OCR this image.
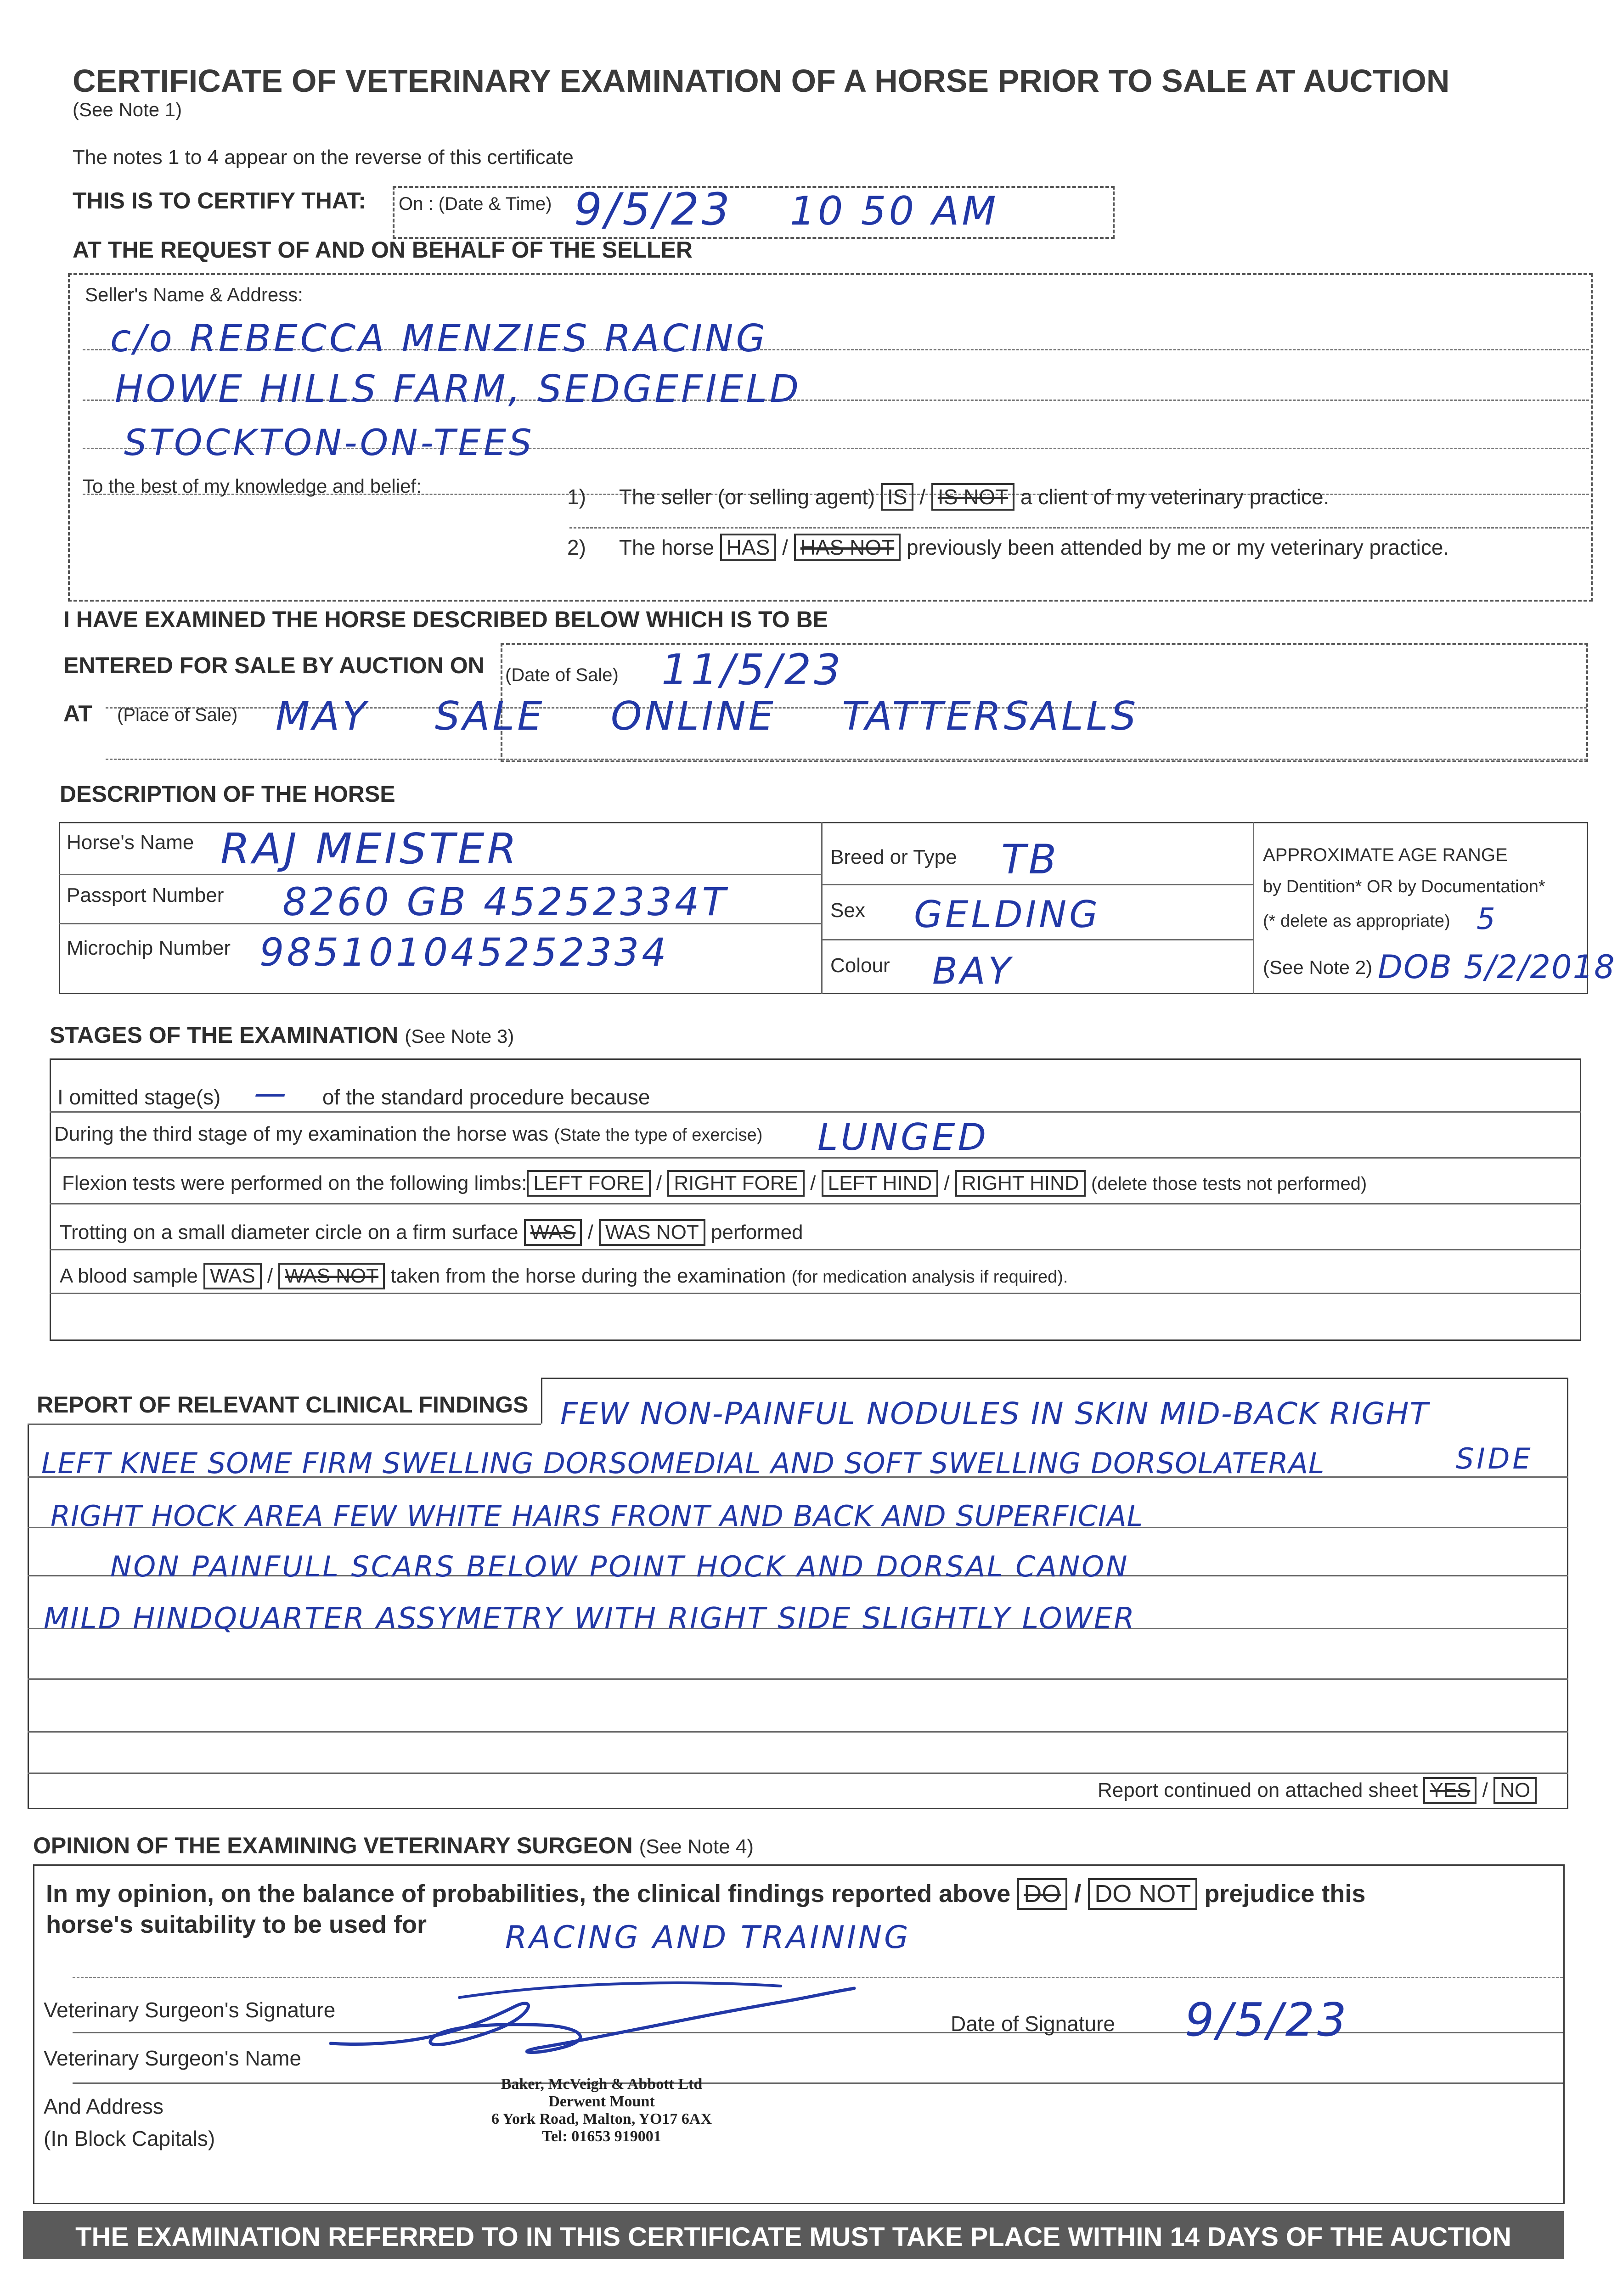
CERTIFICATE OF VETERINARY EXAMINATION OF A HORSE PRIOR TO SALE AT AUCTION
(See Note 1)
The notes 1 to 4 appear on the reverse of this certificate
THIS IS TO CERTIFY THAT: On : (Date & Time) 9/5/23 10 50 AM
AT THE REQUEST OF AND ON BEHALF OF THE SELLER
Seller's Name & Address:
c/o REBECCA MENZIES RACING
HOWE HILLS FARM, SEDGEFIELD
STOCKTON-ON-TEES
To the best of my knowledge and belief:	1) The seller (or selling agent) IS / IS NOT a client of my veterinary practice.
2) The horse HAS / HAS NOT previously been attended by me or my veterinary practice.
I HAVE EXAMINED THE HORSE DESCRIBED BELOW WHICH IS TO BE
ENTERED FOR SALE BY AUCTION ON (Date of Sale) 11/5/23
AT (Place of Sale) MAY SALE ONLINE TATTERSALLS
DESCRIPTION OF THE HORSE
Horse's Name RAJ MEISTER
Passport Number 8260 GB 45252334T
Microchip Number 985101045252334
Breed or Type TB
Sex GELDING
Colour BAY
APPROXIMATE AGE RANGE
by Dentition* OR by Documentation*
(* delete as appropriate) 5
(See Note 2) DOB 5/2/2018
STAGES OF THE EXAMINATION (See Note 3)
I omitted stage(s) — of the standard procedure because
During the third stage of my examination the horse was (State the type of exercise) LUNGED
Flexion tests were performed on the following limbs: LEFT FORE / RIGHT FORE / LEFT HIND / RIGHT HIND (delete those tests not performed)
Trotting on a small diameter circle on a firm surface WAS / WAS NOT performed
A blood sample WAS / WAS NOT taken from the horse during the examination (for medication analysis if required).
REPORT OF RELEVANT CLINICAL FINDINGS FEW NON-PAINFUL NODULES IN SKIN MID-BACK RIGHT
LEFT KNEE SOME FIRM SWELLING DORSOMEDIAL AND SOFT SWELLING DORSOLATERAL	SIDE
RIGHT HOCK AREA FEW WHITE HAIRS FRONT AND BACK AND SUPERFICIAL
NON PAINFULL SCARS BELOW POINT HOCK AND DORSAL CANON
MILD HINDQUARTER ASSYMETRY WITH RIGHT SIDE SLIGHTLY LOWER
Report continued on attached sheet YES / NO
OPINION OF THE EXAMINING VETERINARY SURGEON (See Note 4)
In my opinion, on the balance of probabilities, the clinical findings reported above DO / DO NOT prejudice this
horse's suitability to be used for	RACING AND TRAINING
Veterinary Surgeon's Signature
Date of Signature 9/5/23
Veterinary Surgeon's Name
And Address
(In Block Capitals)
Baker, McVeigh & Abbott Ltd
Derwent Mount
6 York Road, Malton, YO17 6AX
Tel: 01653 919001
THE EXAMINATION REFERRED TO IN THIS CERTIFICATE MUST TAKE PLACE WITHIN 14 DAYS OF THE AUCTION
